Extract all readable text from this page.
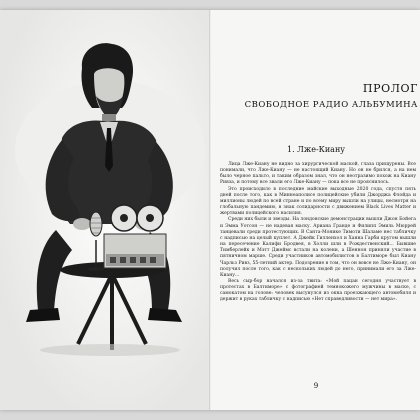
ПРОЛОГ
СВОБОДНОЕ РАДИО АЛЬБУМИНА
1. Лже-Киану

Лица Лже-Киану не видно за хирургической маской, глаза прищурены. Все понимали, что Лже-Киану — не настоящий Киану. Но он не брился, а на нем было черное пальто, и таким образом знал, что он неотразимо похож на Киану Ривза, и потому все звали его Лже-Киану — пока все не прояснилось.

Это происходило в последние майские выходные 2020 года, спустя пять дней после того, как в Миннеаполисе полицейские убили Джорджа Флойда и миллионы людей по всей стране и по всему миру вышли на улицы, несмотря на глобальную пандемию, в знак солидарности с движением Black Lives Matter и жертвами полицейского насилия.

Среди них были и звезды. На лондонские демонстрации вышли Джон Бойега и Эмма Уотсон — не надевая маску. Ариана Гранде и Филипп Эмиль Мюррей танцевали среди протестующих. В Санта-Монике Тимоти Шаламе нес табличку с надписью на целый куплет. А Джейк Гилленхол и Ханна Гарби кругом вышли на пересечение Калифи Бродвея, в Холли шли в Рождественский... Бывшие Тимберлейк и Мэтт Джеймс встали на колени, а Шеннон приняли участие в пятничном марше. Среди участников автомобилистов в Балтиморе был Киану Чарльз Ривз, 55-летний актер. Подозрение в том, что он вовсе не Лже-Киану, он получил после того, как с нескольких людей до него, принимали его за Лже-Киану...

Весь сыр-бор начался из-за твита: «Мой пацан сегодня участвует в протестах в Балтиморе» с фотографией темнокожего мужчины в маске, с самокатом на голове: человек высунулся из окна проезжающего автомобиля и держит в руках табличку с надписью «Нет справедливости — нет мира».

9
